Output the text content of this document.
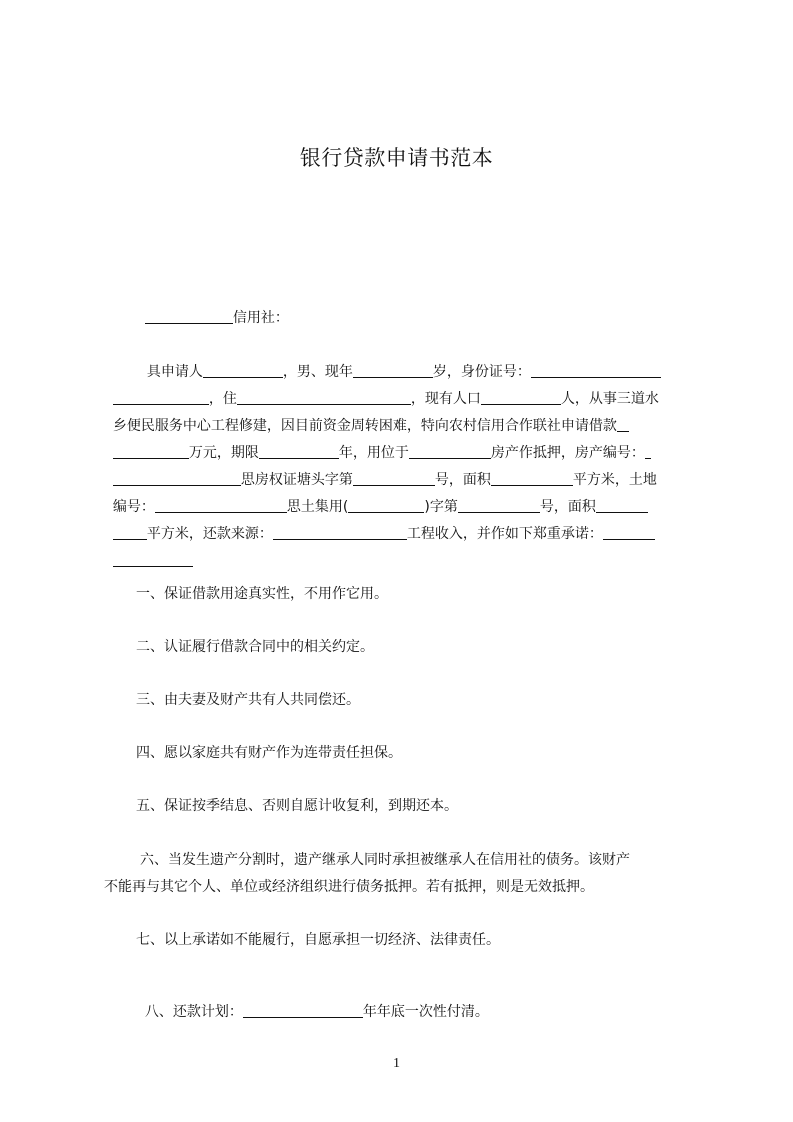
银行贷款申请书范本

信用社：

具申请人	，男、现年	岁，身份证号：

，住	，现有人口	人，从事三道水

乡便民服务中心工程修建，因目前资金周转困难，特向农村信用合作联社申请借款

万元，期限	年，用位于	房产作抵押，房产编号：

思房权证塘头字第	号，面积	平方米，土地

编号：	思土集用(	)字第	号，面积

平方米，还款来源：	工程收入，并作如下郑重承诺：

一、保证借款用途真实性，不用作它用。
二、认证履行借款合同中的相关约定。
三、由夫妻及财产共有人共同偿还。
四、愿以家庭共有财产作为连带责任担保。
五、保证按季结息、否则自愿计收复利，到期还本。
六、当发生遗产分割时，遗产继承人同时承担被继承人在信用社的债务。该财产
不能再与其它个人、单位或经济组织进行债务抵押。若有抵押，则是无效抵押。
七、以上承诺如不能履行，自愿承担一切经济、法律责任。

八、还款计划：	年年底一次性付清。

1
